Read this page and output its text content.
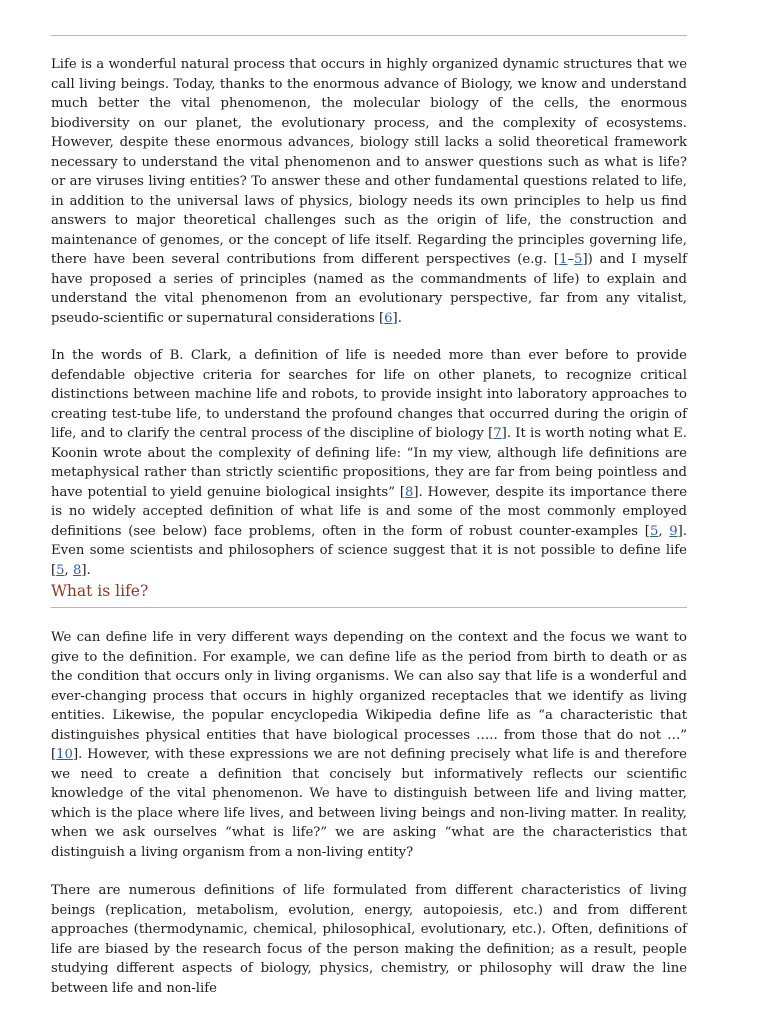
Life is a wonderful natural process that occurs in highly organized dynamic structures that we call living beings. Today, thanks to the enormous advance of Biology, we know and understand much better the vital phenomenon, the molecular biology of the cells, the enormous biodiversity on our planet, the evolutionary process, and the complexity of ecosystems. However, despite these enormous advances, biology still lacks a solid theoretical framework necessary to understand the vital phenomenon and to answer questions such as what is life? or are viruses living entities? To answer these and other fundamental questions related to life, in addition to the universal laws of physics, biology needs its own principles to help us find answers to major theoretical challenges such as the origin of life, the construction and maintenance of genomes, or the concept of life itself. Regarding the principles governing life, there have been several contributions from different perspectives (e.g. [1–5]) and I myself have proposed a series of principles (named as the commandments of life) to explain and understand the vital phenomenon from an evolutionary perspective, far from any vitalist, pseudo-scientific or supernatural considerations [6].

In the words of B. Clark, a definition of life is needed more than ever before to provide defendable objective criteria for searches for life on other planets, to recognize critical distinctions between machine life and robots, to provide insight into laboratory approaches to creating test-tube life, to understand the profound changes that occurred during the origin of life, and to clarify the central process of the discipline of biology [7]. It is worth noting what E. Koonin wrote about the complexity of defining life: “In my view, although life definitions are metaphysical rather than strictly scientific propositions, they are far from being pointless and have potential to yield genuine biological insights” [8]. However, despite its importance there is no widely accepted definition of what life is and some of the most commonly employed definitions (see below) face problems, often in the form of robust counter-examples [5, 9]. Even some scientists and philosophers of science suggest that it is not possible to define life [5, 8].

What is life?

We can define life in very different ways depending on the context and the focus we want to give to the definition. For example, we can define life as the period from birth to death or as the condition that occurs only in living organisms. We can also say that life is a wonderful and ever-changing process that occurs in highly organized receptacles that we identify as living entities. Likewise, the popular encyclopedia Wikipedia define life as “a characteristic that distinguishes physical entities that have biological processes ….. from those that do not …” [10]. However, with these expressions we are not defining precisely what life is and therefore we need to create a definition that concisely but informatively reflects our scientific knowledge of the vital phenomenon. We have to distinguish between life and living matter, which is the place where life lives, and between living beings and non-living matter. In reality, when we ask ourselves “what is life?” we are asking “what are the characteristics that distinguish a living organism from a non-living entity?

There are numerous definitions of life formulated from different characteristics of living beings (replication, metabolism, evolution, energy, autopoiesis, etc.) and from different approaches (thermodynamic, chemical, philosophical, evolutionary, etc.). Often, definitions of life are biased by the research focus of the person making the definition; as a result, people studying different aspects of biology, physics, chemistry, or philosophy will draw the line between life and non-life
